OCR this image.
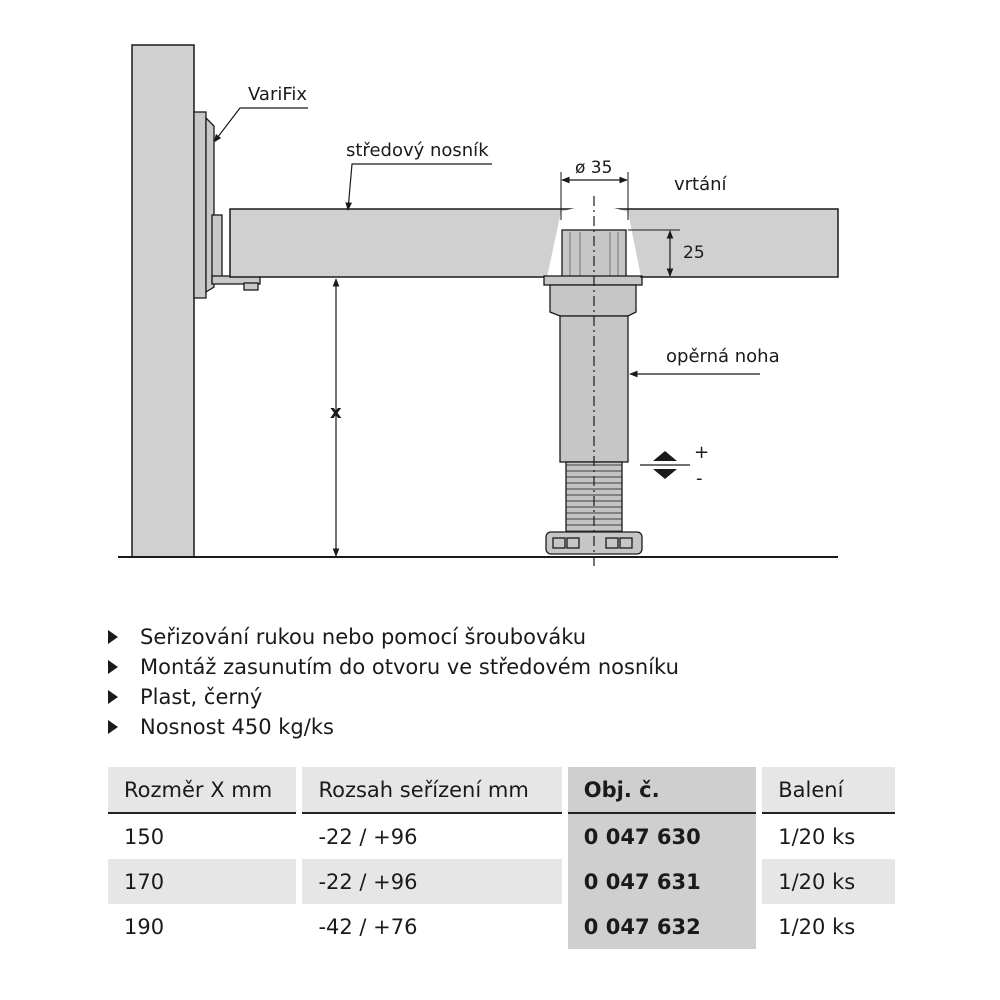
ø 35
vrtání
25
opěrná noha
středový nosník
VariFix
x
+
-
Seřizování rukou nebo pomocí šroubováku
Montáž zasunutím do otvoru ve středovém nosníku
Plast, černý
Nosnost 450 kg/ks
Rozměr X mm		Rozsah seřízení mm		Obj. č.		Balení
150		-22 / +96		0 047 630		1/20 ks
170		-22 / +96		0 047 631		1/20 ks
190		-42 / +76		0 047 632		1/20 ks
